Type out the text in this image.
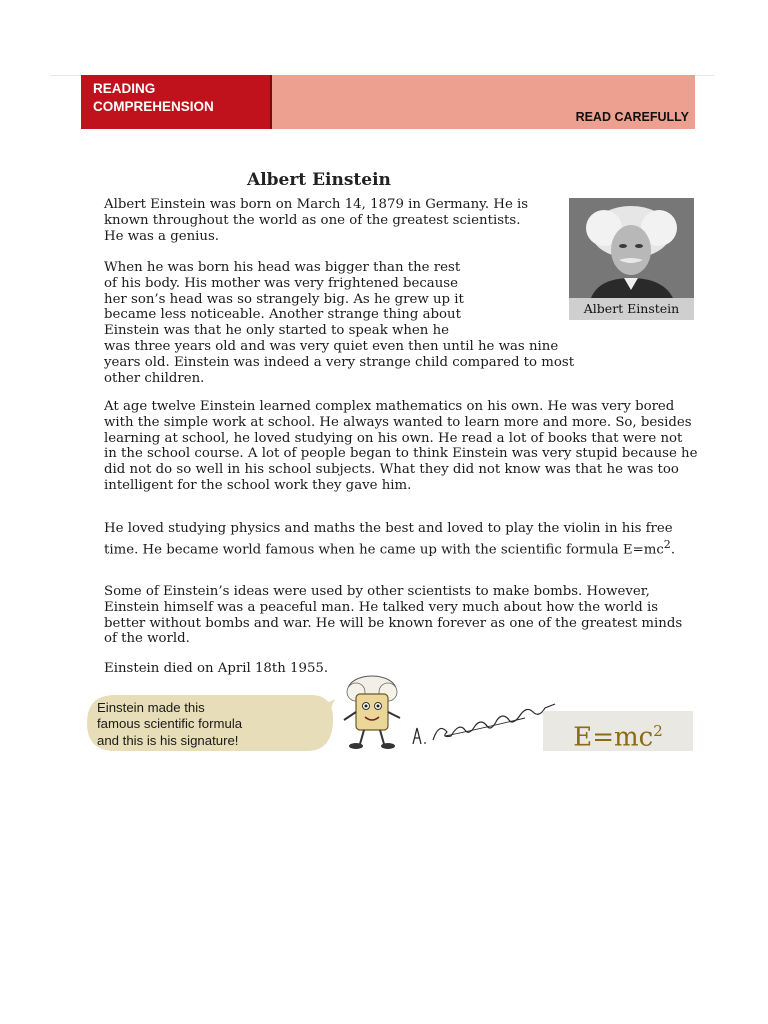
READING
COMPREHENSION
READ CAREFULLY
Albert Einstein

Albert Einstein was born on March 14, 1879 in Germany. He is known throughout the world as one of the greatest scientists. He was a genius.

When he was born his head was bigger than the rest
of his body. His mother was very frightened because
her son’s head was so strangely big. As he grew up it
became less noticeable. Another strange thing about
Einstein was that he only started to speak when he
was three years old and was very quiet even then until he was nine
years old. Einstein was indeed a very strange child compared to most
other children.

At age twelve Einstein learned complex mathematics on his own. He was very bored with the simple work at school. He always wanted to learn more and more. So, besides learning at school, he loved studying on his own. He read a lot of books that were not in the school course. A lot of people began to think Einstein was very stupid because he did not do so well in his school subjects. What they did not know was that he was too intelligent for the school work they gave him.

He loved studying physics and maths the best and loved to play the violin in his free time. He became world famous when he came up with the scientific formula $E=mc^2$.

Some of Einstein’s ideas were used by other scientists to make bombs. However, Einstein himself was a peaceful man. He talked very much about how the world is better without bombs and war. He will be known forever as one of the greatest minds of the world.

Einstein died on April 18th 1955.

Albert Einstein
Einstein made this
famous scientific formula
and this is his signature!	$E=mc^2$
